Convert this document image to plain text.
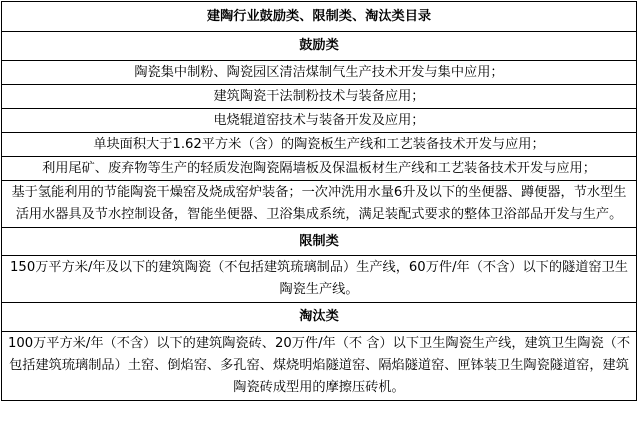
建陶行业鼓励类、限制类、淘汰类目录
鼓励类
陶瓷集中制粉、陶瓷园区清洁煤制气生产技术开发与集中应用；
建筑陶瓷干法制粉技术与装备应用；
电烧辊道窑技术与装备开发及应用；
单块面积大于1.62平方米（含）的陶瓷板生产线和工艺装备技术开发与应用；
利用尾矿、废弃物等生产的轻质发泡陶瓷隔墙板及保温板材生产线和工艺装备技术开发与应用；
基于氢能利用的节能陶瓷干燥窑及烧成窑炉装备；一次冲洗用水量6升及以下的坐便器、蹲便器，节水型生活用水器具及节水控制设备，智能坐便器、卫浴集成系统，满足装配式要求的整体卫浴部品开发与生产。
限制类
150万平方米/年及以下的建筑陶瓷（不包括建筑琉璃制品）生产线，60万件/年（不含）以下的隧道窑卫生陶瓷生产线。
淘汰类
100万平方米/年（不含）以下的建筑陶瓷砖、20万件/年（不 含）以下卫生陶瓷生产线，建筑卫生陶瓷（不包括建筑琉璃制品）土窑、倒焰窑、多孔窑、煤烧明焰隧道窑、隔焰隧道窑、匣钵装卫生陶瓷隧道窑，建筑陶瓷砖成型用的摩擦压砖机。
